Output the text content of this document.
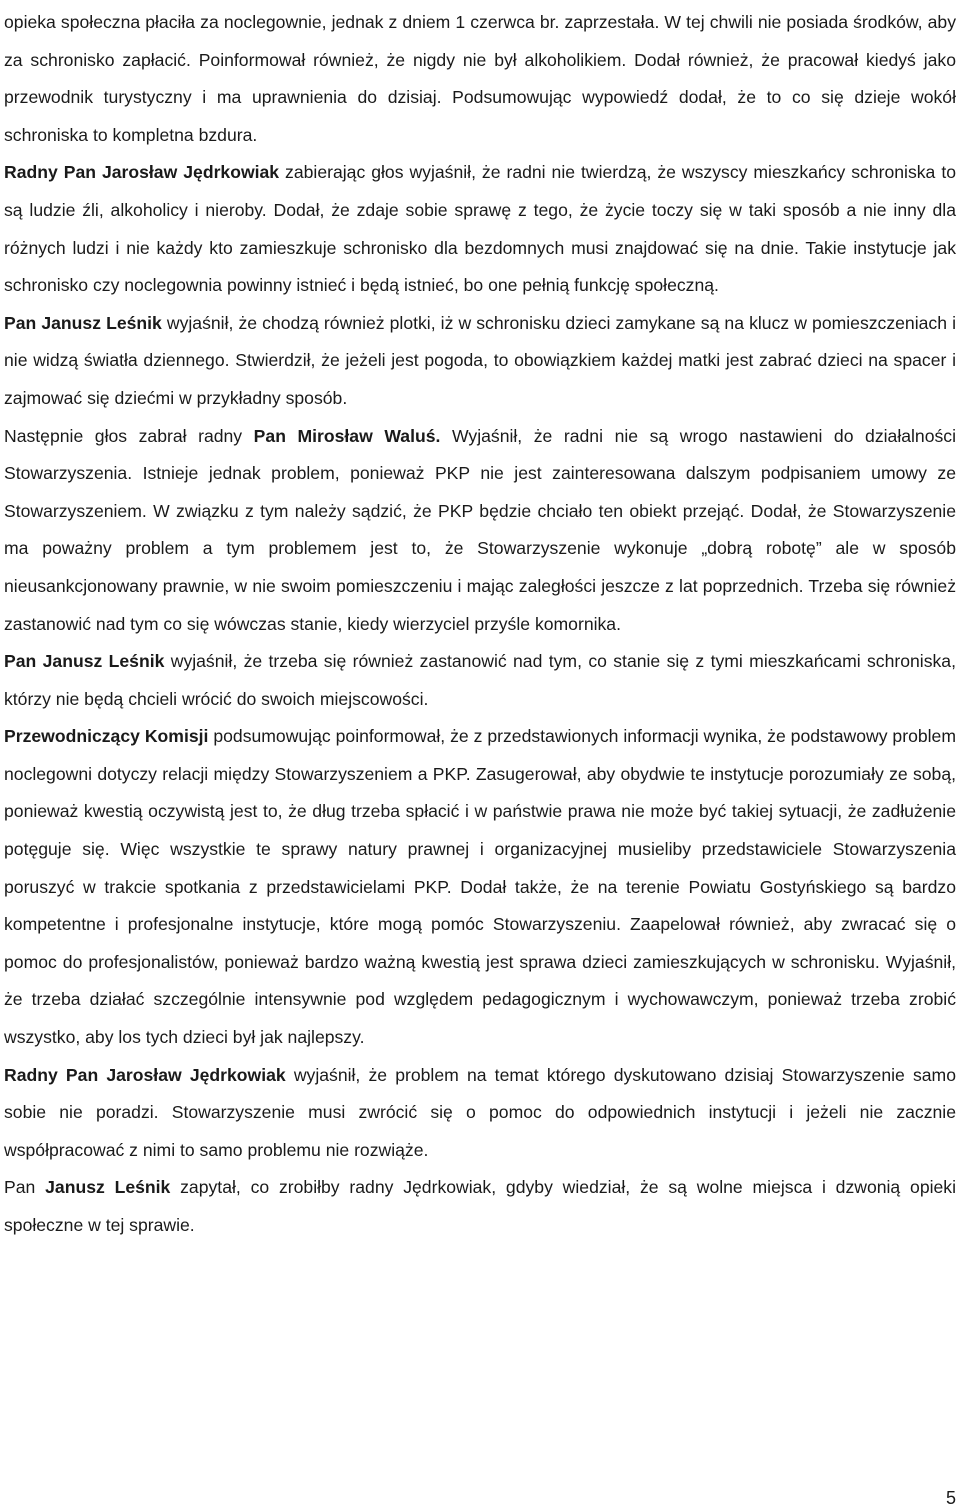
opieka społeczna płaciła za noclegownie, jednak z dniem 1 czerwca br. zaprzestała. W tej chwili nie posiada środków, aby za schronisko zapłacić. Poinformował również, że nigdy nie był alkoholikiem. Dodał również, że pracował kiedyś jako przewodnik turystyczny i ma uprawnienia do dzisiaj. Podsumowując wypowiedź dodał, że to co się dzieje wokół schroniska to kompletna bzdura.

Radny Pan Jarosław Jędrkowiak zabierając głos wyjaśnił, że radni nie twierdzą, że wszyscy mieszkańcy schroniska to są ludzie źli, alkoholicy i nieroby. Dodał, że zdaje sobie sprawę z tego, że życie toczy się w taki sposób a nie inny dla różnych ludzi i nie każdy kto zamieszkuje schronisko dla bezdomnych musi znajdować się na dnie. Takie instytucje jak schronisko czy noclegownia powinny istnieć i będą istnieć, bo one pełnią funkcję społeczną.

Pan Janusz Leśnik wyjaśnił, że chodzą również plotki, iż w schronisku dzieci zamykane są na klucz w pomieszczeniach i nie widzą światła dziennego. Stwierdził, że jeżeli jest pogoda, to obowiązkiem każdej matki jest zabrać dzieci na spacer i zajmować się dziećmi w przykładny sposób.

Następnie głos zabrał radny Pan Mirosław Waluś. Wyjaśnił, że radni nie są wrogo nastawieni do działalności Stowarzyszenia. Istnieje jednak problem, ponieważ PKP nie jest zainteresowana dalszym podpisaniem umowy ze Stowarzyszeniem. W związku z tym należy sądzić, że PKP będzie chciało ten obiekt przejąć. Dodał, że Stowarzyszenie ma poważny problem a tym problemem jest to, że Stowarzyszenie wykonuje „dobrą robotę” ale w sposób nieusankcjonowany prawnie, w nie swoim pomieszczeniu i mając zaległości jeszcze z lat poprzednich. Trzeba się również zastanowić nad tym co się wówczas stanie, kiedy wierzyciel przyśle komornika.

Pan Janusz Leśnik wyjaśnił, że trzeba się również zastanowić nad tym, co stanie się z tymi mieszkańcami schroniska, którzy nie będą chcieli wrócić do swoich miejscowości.

Przewodniczący Komisji podsumowując poinformował, że z przedstawionych informacji wynika, że podstawowy problem noclegowni dotyczy relacji między Stowarzyszeniem a PKP. Zasugerował, aby obydwie te instytucje porozumiały ze sobą, ponieważ kwestią oczywistą jest to, że dług trzeba spłacić i w państwie prawa nie może być takiej sytuacji, że zadłużenie potęguje się. Więc wszystkie te sprawy natury prawnej i organizacyjnej musieliby przedstawiciele Stowarzyszenia poruszyć w trakcie spotkania z przedstawicielami PKP. Dodał także, że na terenie Powiatu Gostyńskiego są bardzo kompetentne i profesjonalne instytucje, które mogą pomóc Stowarzyszeniu. Zaapelował również, aby zwracać się o pomoc do profesjonalistów, ponieważ bardzo ważną kwestią jest sprawa dzieci zamieszkujących w schronisku. Wyjaśnił, że trzeba działać szczególnie intensywnie pod względem pedagogicznym i wychowawczym, ponieważ trzeba zrobić wszystko, aby los tych dzieci był jak najlepszy.

Radny Pan Jarosław Jędrkowiak wyjaśnił, że problem na temat którego dyskutowano dzisiaj Stowarzyszenie samo sobie nie poradzi. Stowarzyszenie musi zwrócić się o pomoc do odpowiednich instytucji i jeżeli nie zacznie współpracować z nimi to samo problemu nie rozwiąże.

Pan Janusz Leśnik zapytał, co zrobiłby radny Jędrkowiak, gdyby wiedział, że są wolne miejsca i dzwonią opieki społeczne w tej sprawie.

5
